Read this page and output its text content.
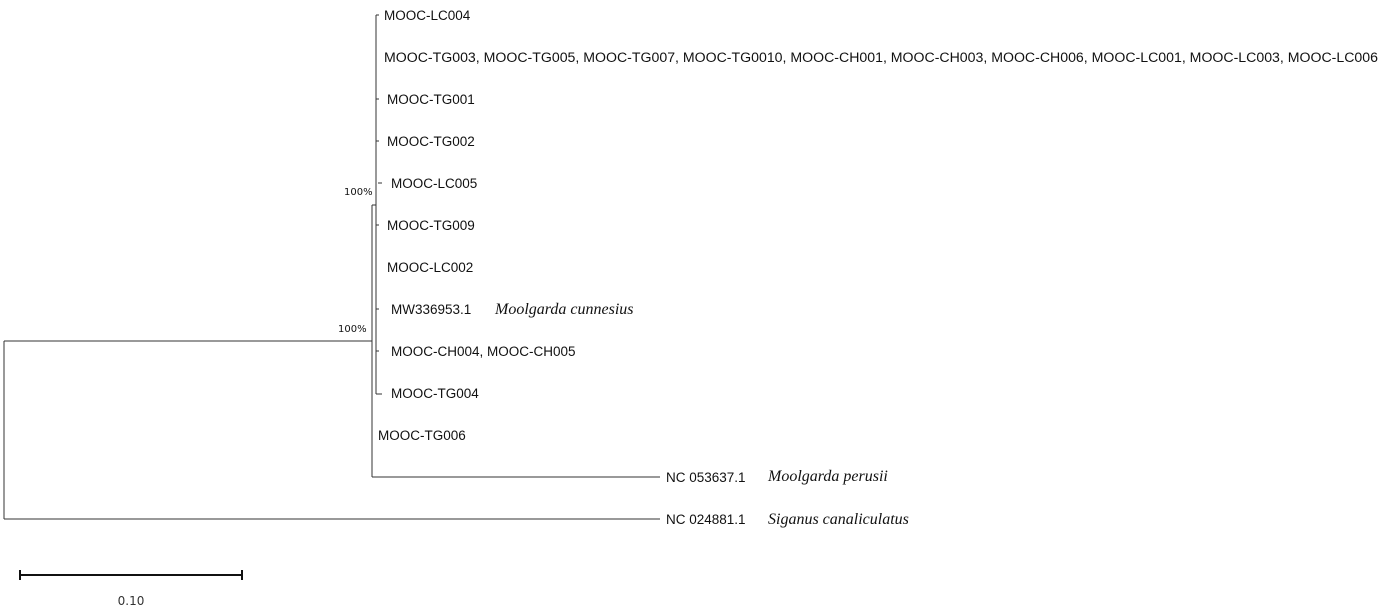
MOOC-LC004
MOOC-TG003, MOOC-TG005, MOOC-TG007, MOOC-TG0010, MOOC-CH001, MOOC-CH003, MOOC-CH006, MOOC-LC001, MOOC-LC003, MOOC-LC006
MOOC-TG001
MOOC-TG002
MOOC-LC005
MOOC-TG009
MOOC-LC002
MW336953.1 Moolgarda cunnesius
MOOC-CH004, MOOC-CH005
MOOC-TG004
MOOC-TG006
NC 053637.1 Moolgarda perusii
NC 024881.1 Siganus canaliculatus
100%
100%
0.10
